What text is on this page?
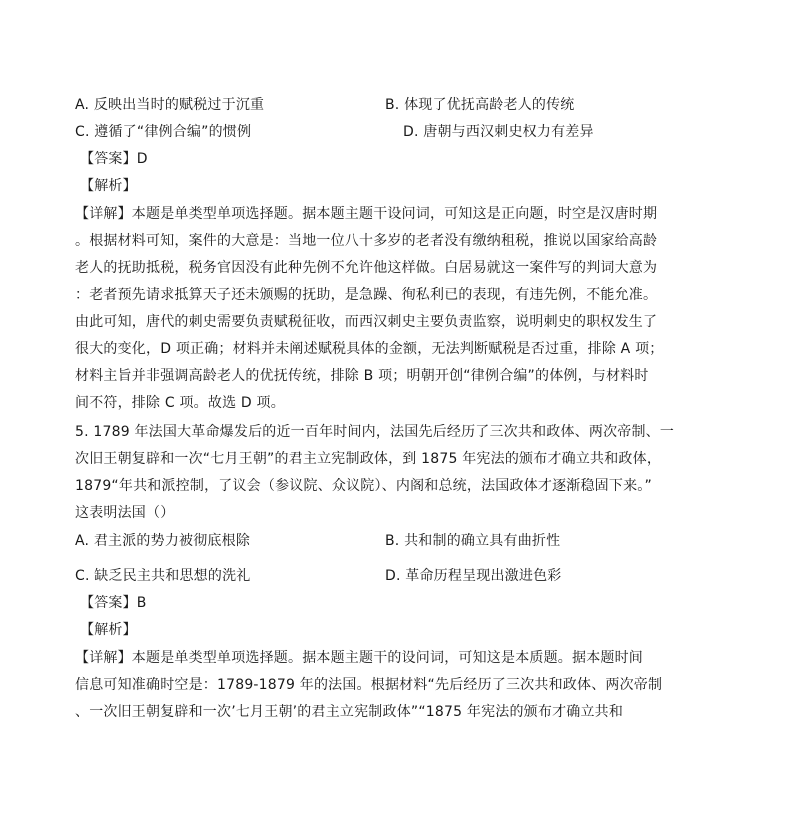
A. 反映出当时的赋税过于沉重	B. 体现了优抚高龄老人的传统
C. 遵循了“律例合编”的惯例	D. 唐朝与西汉刺史权力有差异
【答案】D
【解析】
【详解】本题是单类型单项选择题。据本题主题干设问词，可知这是正向题，时空是汉唐时期
。根据材料可知，案件的大意是：当地一位八十多岁的老者没有缴纳租税，推说以国家给高龄
老人的抚助抵税，税务官因没有此种先例不允许他这样做。白居易就这一案件写的判词大意为
：老者预先请求抵算天子还未颁赐的抚助，是急躁、徇私利已的表现，有违先例，不能允准。
由此可知，唐代的刺史需要负责赋税征收，而西汉刺史主要负责监察，说明刺史的职权发生了
很大的变化，D 项正确；材料并未阐述赋税具体的金额，无法判断赋税是否过重，排除 A 项；
材料主旨并非强调高龄老人的优抚传统，排除 B 项；明朝开创“律例合编”的体例，与材料时
间不符，排除 C 项。故选 D 项。
5. 1789 年法国大革命爆发后的近一百年时间内，法国先后经历了三次共和政体、两次帝制、一
次旧王朝复辟和一次“七月王朝”的君主立宪制政体，到 1875 年宪法的颁布才确立共和政体，
1879“年共和派控制，了议会（参议院、众议院）、内阁和总统，法国政体才逐渐稳固下来。”
这表明法国（）
A. 君主派的势力被彻底根除	B. 共和制的确立具有曲折性
C. 缺乏民主共和思想的洗礼	D. 革命历程呈现出激进色彩
【答案】B
【解析】
【详解】本题是单类型单项选择题。据本题主题干的设问词，可知这是本质题。据本题时间
信息可知准确时空是：1789-1879 年的法国。根据材料“先后经历了三次共和政体、两次帝制
、一次旧王朝复辟和一次’七月王朝’的君主立宪制政体”“1875 年宪法的颁布才确立共和
